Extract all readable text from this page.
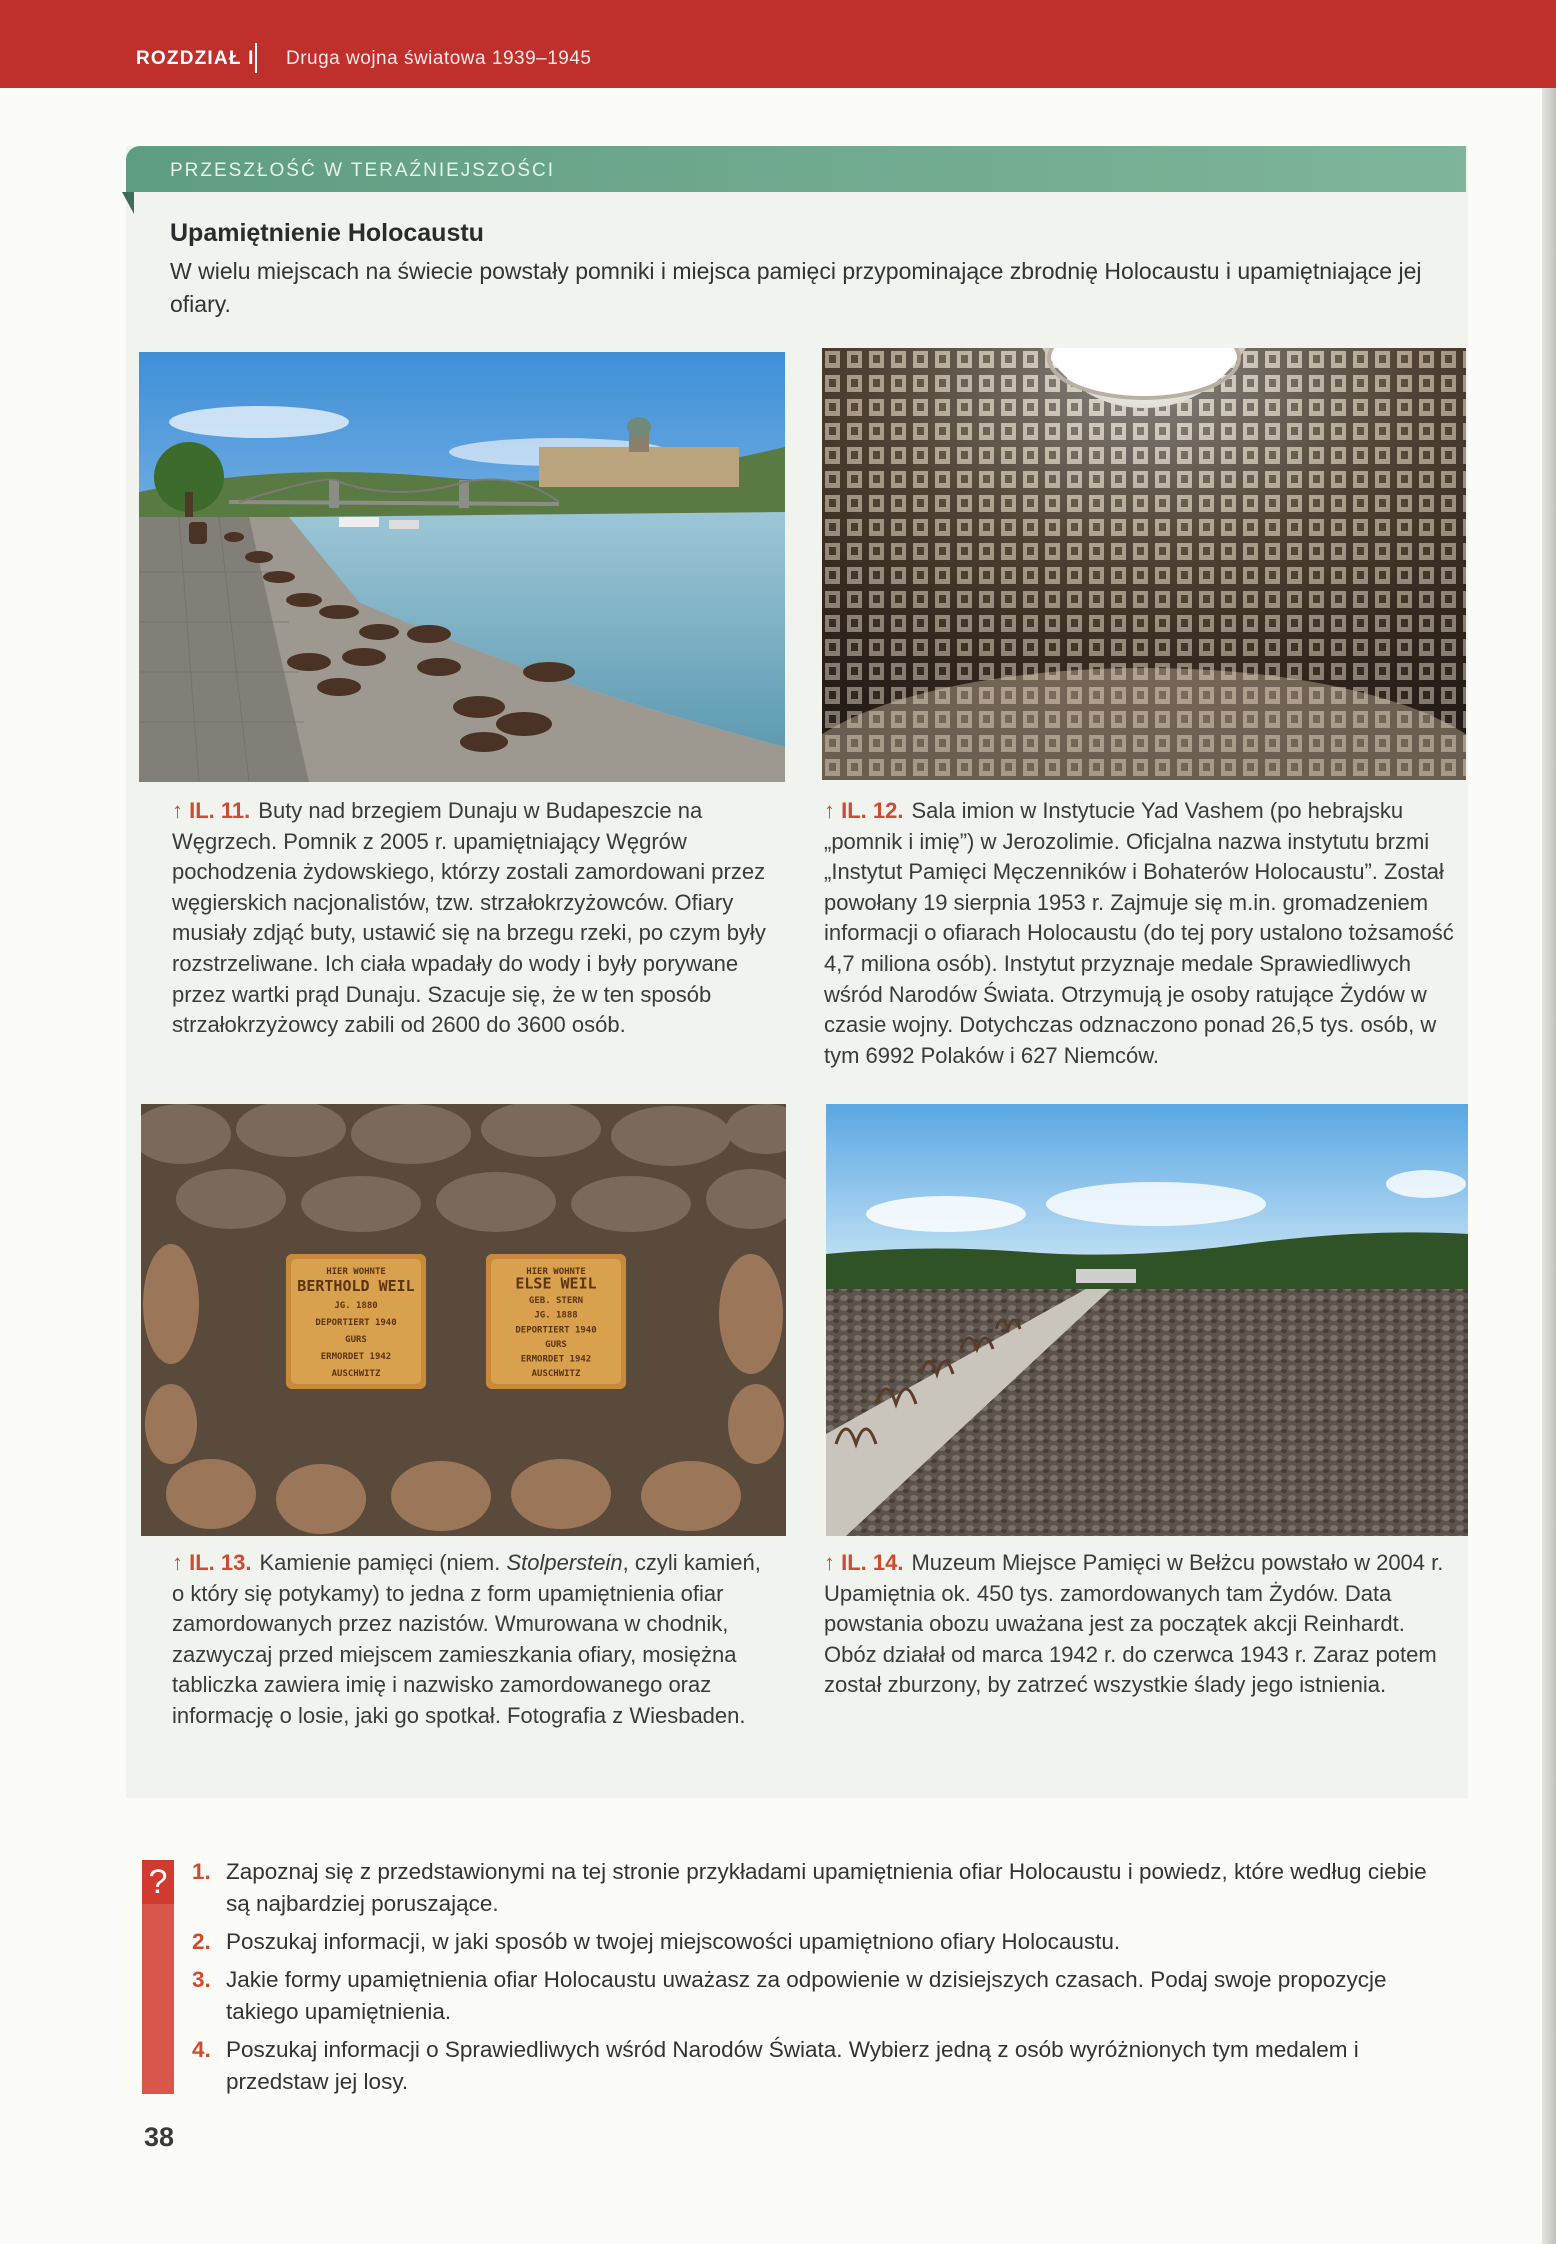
ROZDZIAŁ I Druga wojna światowa 1939–1945
PRZESZŁOŚĆ W TERAŹNIEJSZOŚCI
Upamiętnienie Holocaustu
W wielu miejscach na świecie powstały pomniki i miejsca pamięci przypominające zbrodnię Holocaustu i upamiętniające jej ofiary.
HIER WOHNTE
BERTHOLD WEIL
JG. 1880
DEPORTIERT 1940
GURS
ERMORDET 1942
AUSCHWITZ
HIER WOHNTE
ELSE WEIL
GEB. STERN
JG. 1888
DEPORTIERT 1940
GURS
ERMORDET 1942
AUSCHWITZ
↑ IL. 11. Buty nad brzegiem Dunaju w Budapeszcie na Węgrzech. Pomnik z 2005 r. upamiętniający Węgrów pochodzenia żydowskiego, którzy zostali zamordowani przez węgierskich nacjonalistów, tzw. strzałokrzyżowców. Ofiary musiały zdjąć buty, ustawić się na brzegu rzeki, po czym były rozstrzeliwane. Ich ciała wpadały do wody i były porywane przez wartki prąd Dunaju. Szacuje się, że w ten sposób strzałokrzyżowcy zabili od 2600 do 3600 osób.
↑ IL. 12. Sala imion w Instytucie Yad Vashem (po hebrajsku „pomnik i imię”) w Jerozolimie. Oficjalna nazwa instytutu brzmi „Instytut Pamięci Męczenników i Bohaterów Holocaustu”. Został powołany 19 sierpnia 1953 r. Zajmuje się m.in. gromadzeniem informacji o ofiarach Holocaustu (do tej pory ustalono tożsamość 4,7 miliona osób). Instytut przyznaje medale Sprawiedliwych wśród Narodów Świata. Otrzymują je osoby ratujące Żydów w czasie wojny. Dotychczas odznaczono ponad 26,5 tys. osób, w tym 6992 Polaków i 627 Niemców.
↑ IL. 13. Kamienie pamięci (niem. Stolperstein, czyli kamień, o który się potykamy) to jedna z form upamiętnienia ofiar zamordowanych przez nazistów. Wmurowana w chodnik, zazwyczaj przed miejscem zamieszkania ofiary, mosiężna tabliczka zawiera imię i nazwisko zamordowanego oraz informację o losie, jaki go spotkał. Fotografia z Wiesbaden.
↑ IL. 14. Muzeum Miejsce Pamięci w Bełżcu powstało w 2004 r. Upamiętnia ok. 450 tys. zamordowanych tam Żydów. Data powstania obozu uważana jest za początek akcji Reinhardt. Obóz działał od marca 1942 r. do czerwca 1943 r. Zaraz potem został zburzony, by zatrzeć wszystkie ślady jego istnienia.
? 1. Zapoznaj się z przedstawionymi na tej stronie przykładami upamiętnienia ofiar Holocaustu i powiedz, które według ciebie są najbardziej poruszające.
2. Poszukaj informacji, w jaki sposób w twojej miejscowości upamiętniono ofiary Holocaustu.
3. Jakie formy upamiętnienia ofiar Holocaustu uważasz za odpowienie w dzisiejszych czasach. Podaj swoje propozycje takiego upamiętnienia.
4. Poszukaj informacji o Sprawiedliwych wśród Narodów Świata. Wybierz jedną z osób wyróżnionych tym medalem i przedstaw jej losy.
38
